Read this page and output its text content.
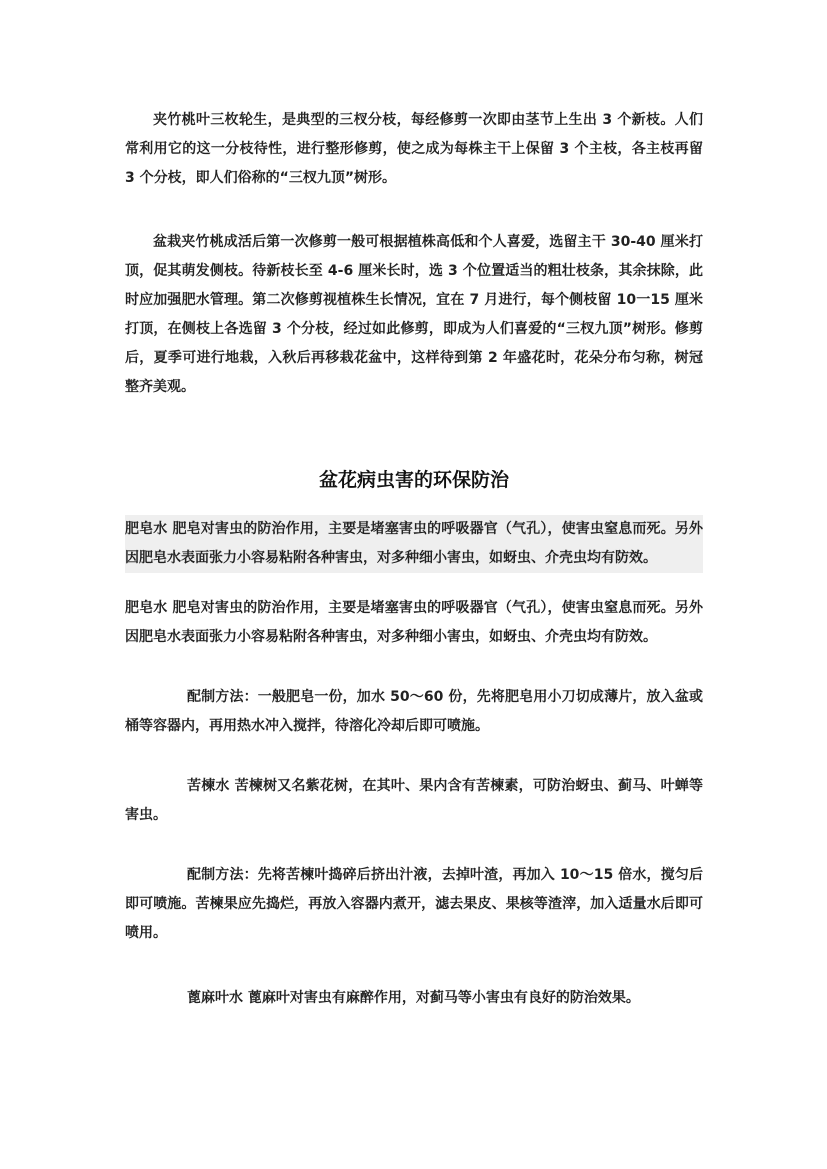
夹竹桃叶三枚轮生，是典型的三杈分枝，每经修剪一次即由茎节上生出 3 个新枝。人们常利用它的这一分枝待性，进行整形修剪，使之成为每株主干上保留 3 个主枝，各主枝再留 3 个分枝，即人们俗称的“三杈九顶”树形。

盆栽夹竹桃成活后第一次修剪一般可根据植株高低和个人喜爱，选留主干 30-40 厘米打顶，促其萌发侧枝。待新枝长至 4-6 厘米长时，选 3 个位置适当的粗壮枝条，其余抹除，此时应加强肥水管理。第二次修剪视植株生长情况，宜在 7 月进行，每个侧枝留 10一15 厘米打顶，在侧枝上各选留 3 个分枝，经过如此修剪，即成为人们喜爱的“三杈九顶”树形。修剪后，夏季可进行地栽，入秋后再移栽花盆中，这样待到第 2 年盛花时，花朵分布匀称，树冠整齐美观。

盆花病虫害的环保防治

肥皂水 肥皂对害虫的防治作用，主要是堵塞害虫的呼吸器官（气孔），使害虫窒息而死。另外因肥皂水表面张力小容易粘附各种害虫，对多种细小害虫，如蚜虫、介壳虫均有防效。

肥皂水 肥皂对害虫的防治作用，主要是堵塞害虫的呼吸器官（气孔），使害虫窒息而死。另外因肥皂水表面张力小容易粘附各种害虫，对多种细小害虫，如蚜虫、介壳虫均有防效。

配制方法：一般肥皂一份，加水 50～60 份，先将肥皂用小刀切成薄片，放入盆或桶等容器内，再用热水冲入搅拌，待溶化冷却后即可喷施。

苦楝水 苦楝树又名紫花树，在其叶、果内含有苦楝素，可防治蚜虫、蓟马、叶蝉等害虫。

配制方法：先将苦楝叶捣碎后挤出汁液，去掉叶渣，再加入 10～15 倍水，搅匀后即可喷施。苦楝果应先捣烂，再放入容器内煮开，滤去果皮、果核等渣滓，加入适量水后即可喷用。

蓖麻叶水 蓖麻叶对害虫有麻醉作用，对蓟马等小害虫有良好的防治效果。
